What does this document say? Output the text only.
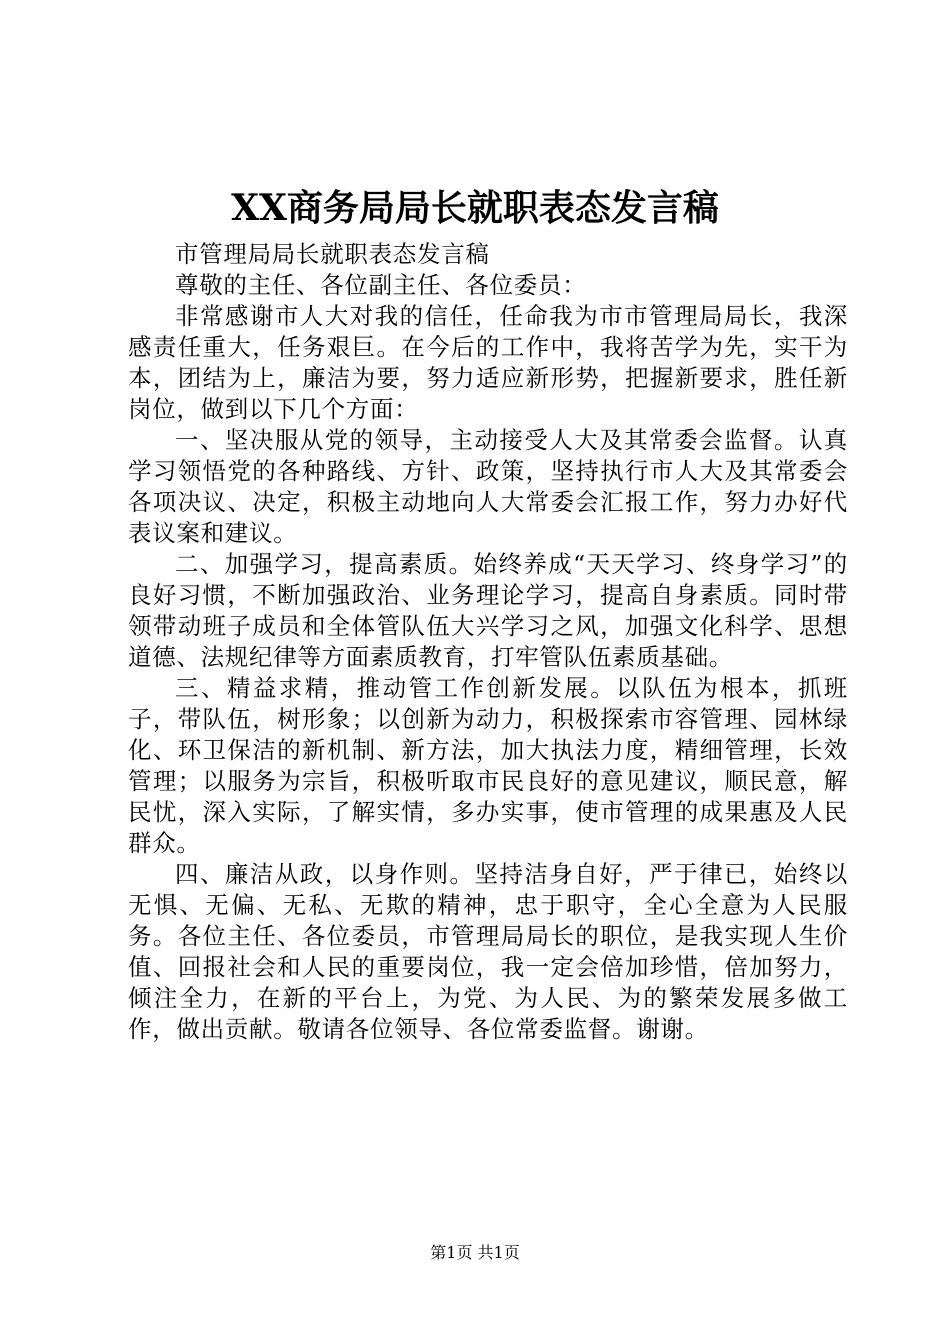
XX商务局局长就职表态发言稿

市管理局局长就职表态发言稿

尊敬的主任、各位副主任、各位委员：

非常感谢市人大对我的信任，任命我为市市管理局局长，我深感责任重大，任务艰巨。在今后的工作中，我将苦学为先，实干为本，团结为上，廉洁为要，努力适应新形势，把握新要求，胜任新岗位，做到以下几个方面：

一、坚决服从党的领导，主动接受人大及其常委会监督。认真学习领悟党的各种路线、方针、政策，坚持执行市人大及其常委会各项决议、决定，积极主动地向人大常委会汇报工作，努力办好代表议案和建议。

二、加强学习，提高素质。始终养成“天天学习、终身学习”的良好习惯，不断加强政治、业务理论学习，提高自身素质。同时带领带动班子成员和全体管队伍大兴学习之风，加强文化科学、思想道德、法规纪律等方面素质教育，打牢管队伍素质基础。

三、精益求精，推动管工作创新发展。以队伍为根本，抓班子，带队伍，树形象；以创新为动力，积极探索市容管理、园林绿化、环卫保洁的新机制、新方法，加大执法力度，精细管理，长效管理；以服务为宗旨，积极听取市民良好的意见建议，顺民意，解民忧，深入实际，了解实情，多办实事，使市管理的成果惠及人民群众。

四、廉洁从政，以身作则。坚持洁身自好，严于律已，始终以无惧、无偏、无私、无欺的精神，忠于职守，全心全意为人民服务。各位主任、各位委员，市管理局局长的职位，是我实现人生价值、回报社会和人民的重要岗位，我一定会倍加珍惜，倍加努力，倾注全力，在新的平台上，为党、为人民、为的繁荣发展多做工作，做出贡献。敬请各位领导、各位常委监督。谢谢。

第1页 共1页
